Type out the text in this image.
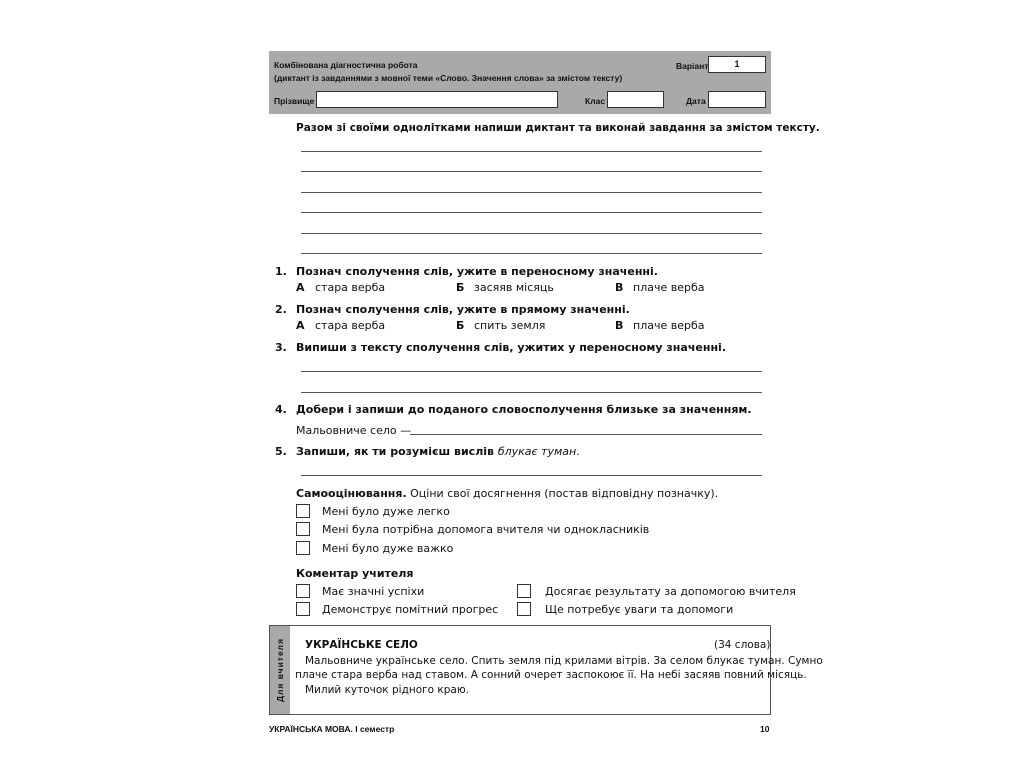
Комбінована діагностична робота
(диктант із завданнями з мовної теми «Слово. Значення слова» за змістом тексту)
Варіант	1
Прізвище	Клас	Дата
Разом зі своїми однолітками напиши диктант та виконай завдання за змістом тексту.
1. Познач сполучення слів, ужите в переносному значенні.
А стара верба	Б засяяв місяць	В плаче верба
2. Познач сполучення слів, ужите в прямому значенні.
А стара верба	Б спить земля	В плаче верба
3. Випиши з тексту сполучення слів, ужитих у переносному значенні.
4. Добери і запиши до поданого словосполучення близьке за значенням.
Мальовниче село —
5. Запиши, як ти розумієш вислів блукає туман.
Самооцінювання. Оціни свої досягнення (постав відповідну позначку).
Мені було дуже легко
Мені була потрібна допомога вчителя чи однокласників
Мені було дуже важко
Коментар учителя
Має значні успіхи	Досягає результату за допомогою вчителя
Демонструє помітний прогрес	Ще потребує уваги та допомоги
Для вчителя УКРАЇНСЬКЕ СЕЛО	(34 слова)
Мальовниче українське село. Спить земля під крилами вітрів. За селом блукає туман. Сумно
плаче стара верба над ставом. А сонний очерет заспокоює її. На небі засяяв повний місяць.
Милий куточок рідного краю.
УКРАЇНСЬКА МОВА. І семестр	10
